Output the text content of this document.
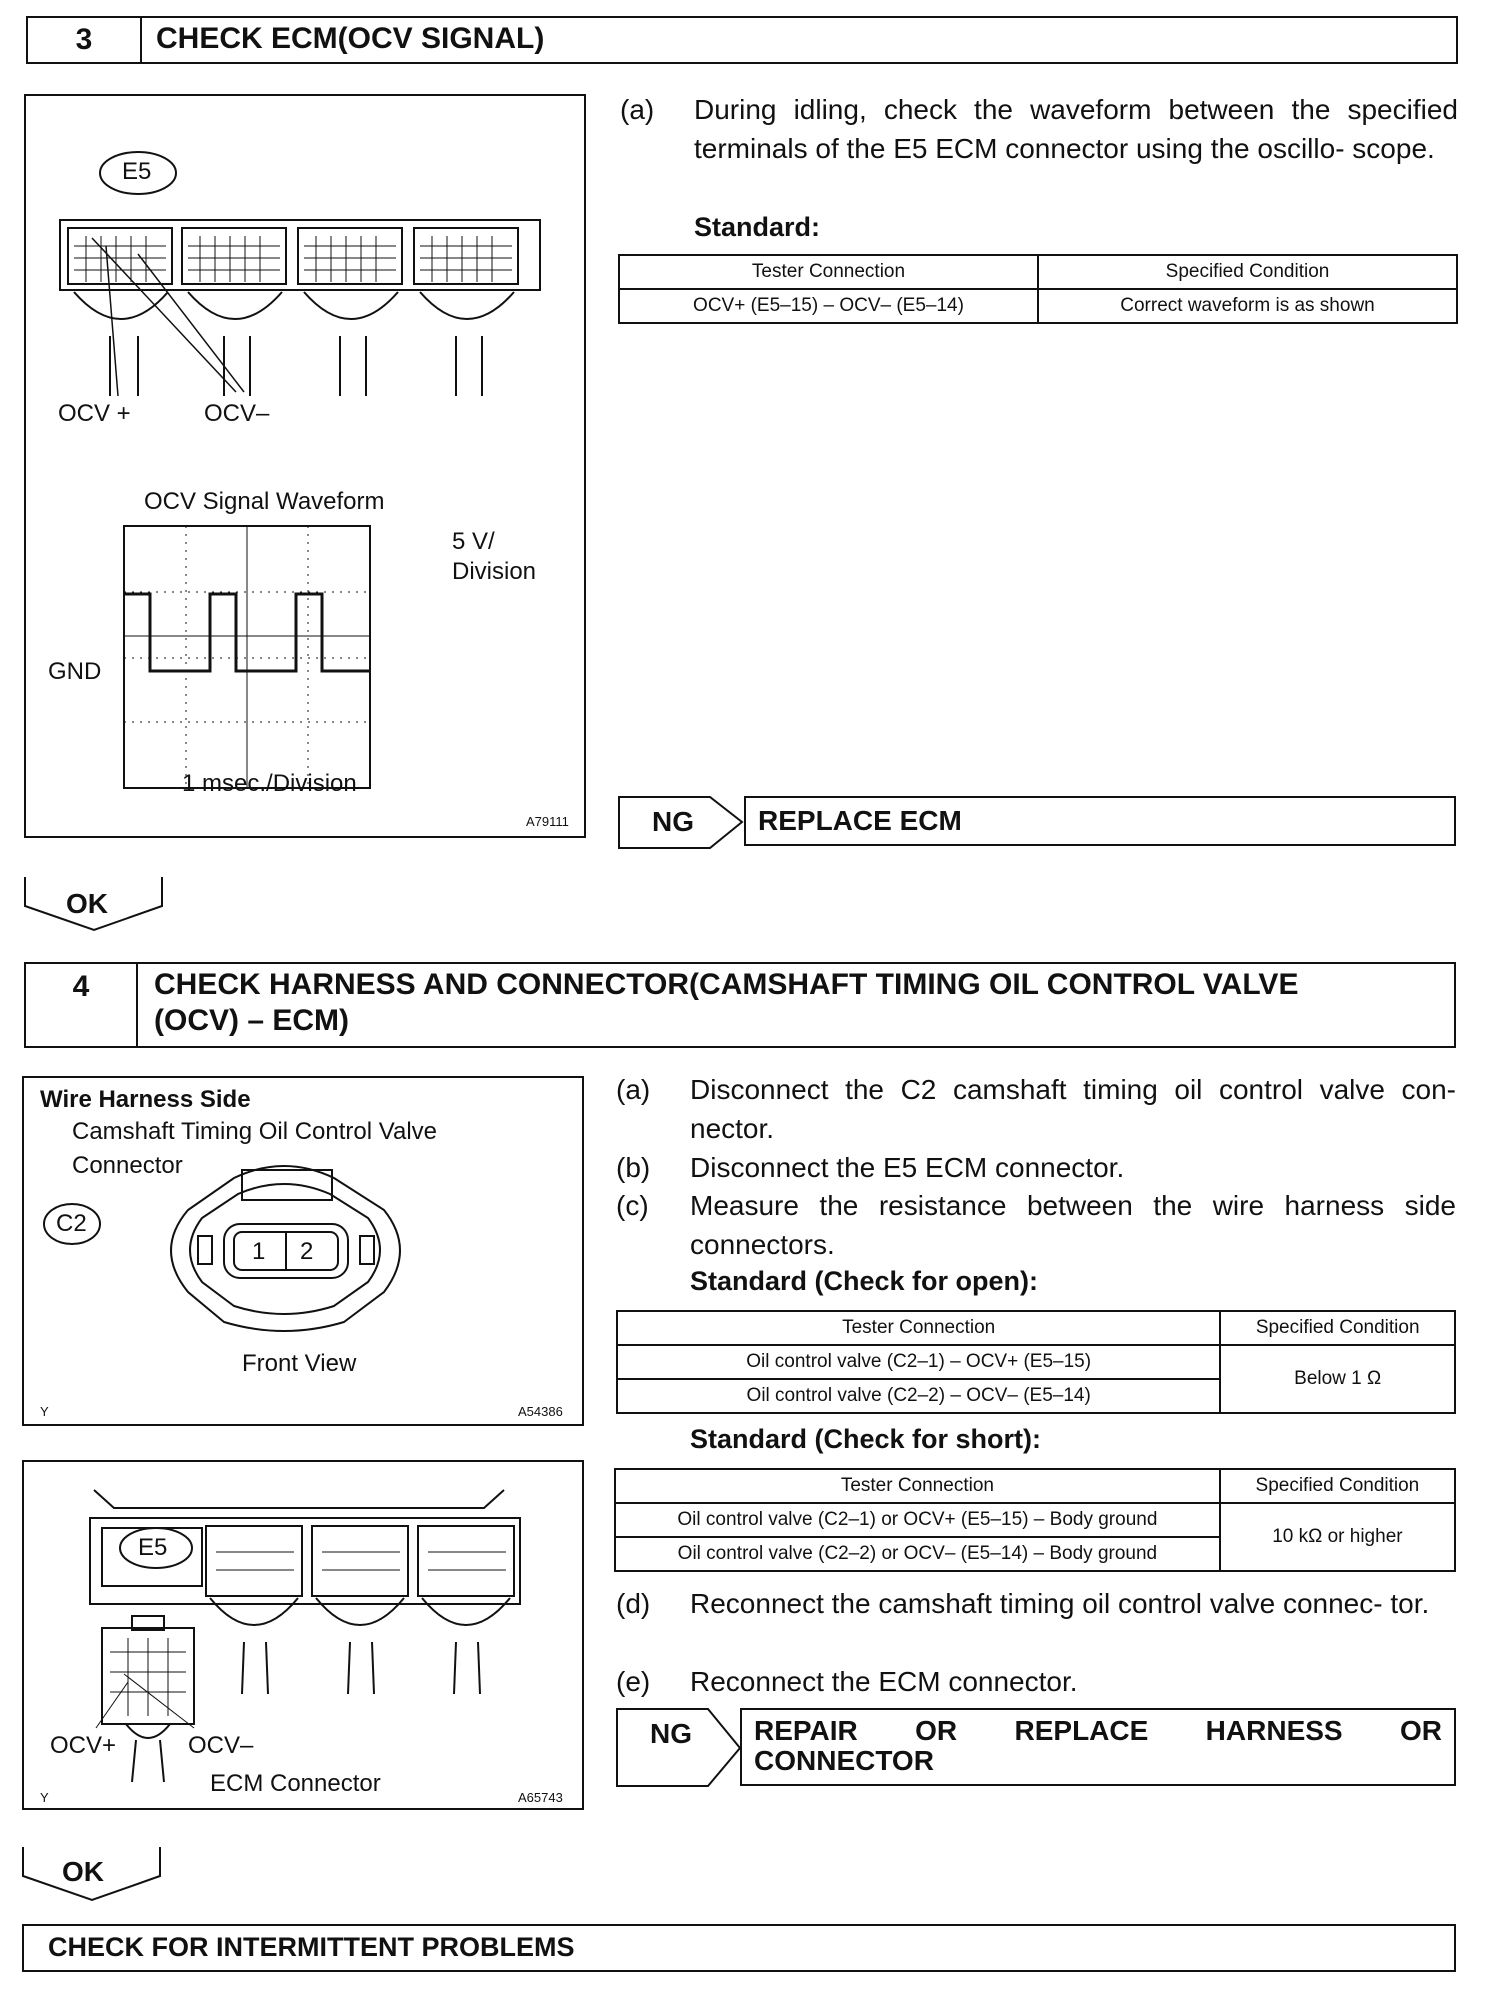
3	CHECK ECM(OCV SIGNAL)
E5
OCV +	OCV–
OCV Signal Waveform
5 V/
Division
GND
1 msec./Division
A79111
(a) During idling, check the waveform between the specified terminals of the E5 ECM connector using the oscillo- scope.
Standard:
Tester Connection	Specified Condition
OCV+ (E5–15) – OCV– (E5–14)	Correct waveform is as shown
NG	REPLACE ECM
OK
4	CHECK HARNESS AND CONNECTOR(CAMSHAFT TIMING OIL CONTROL VALVE
(OCV) – ECM)
Wire Harness Side
Camshaft Timing Oil Control Valve
Connector
C2
1 2
Front View
Y	A54386
E5
OCV+	OCV–
ECM Connector
Y	A65743
(a) Disconnect the C2 camshaft timing oil control valve con- nector.
(b) Disconnect the E5 ECM connector.
(c) Measure the resistance between the wire harness side connectors.
Standard (Check for open):
Tester Connection	Specified Condition
Oil control valve (C2–1) – OCV+ (E5–15)	Below 1 Ω
Oil control valve (C2–2) – OCV– (E5–14)	
Standard (Check for short):
Tester Connection	Specified Condition
Oil control valve (C2–1) or OCV+ (E5–15) – Body ground	10 kΩ or higher
Oil control valve (C2–2) or OCV– (E5–14) – Body ground	
(d) Reconnect the camshaft timing oil control valve connec- tor.
(e) Reconnect the ECM connector.
NG REPAIR OR REPLACE HARNESS OR
CONNECTOR
OK
CHECK FOR INTERMITTENT PROBLEMS
